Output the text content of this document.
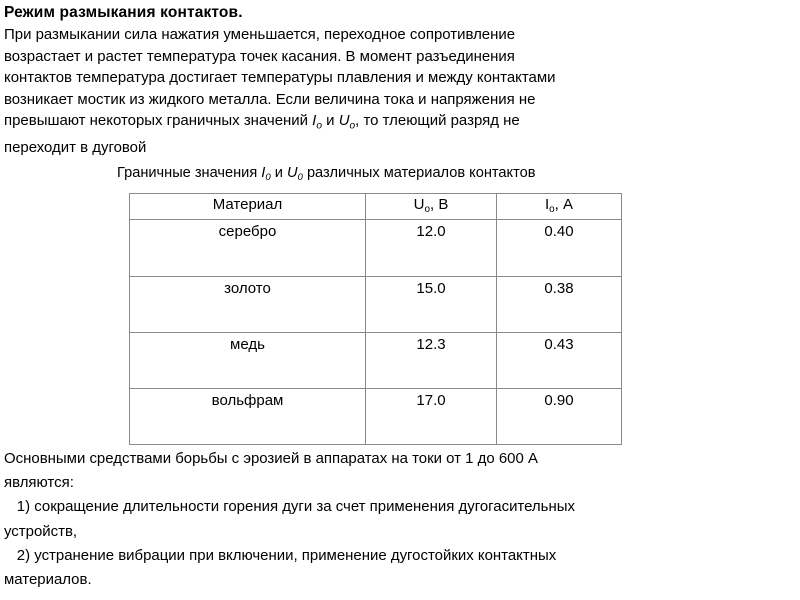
Режим размыкания контактов.
При размыкании сила нажатия уменьшается, переходное сопротивление
возрастает и растет температура точек касания. В момент разъединения
контактов температура достигает температуры плавления и между контактами
возникает мостик из жидкого металла. Если величина тока и напряжения не
превышают некоторых граничных значений $I_o$ и $U_o$, то тлеющий разряд не
переходит в дуговой
Граничные значения $I_0$ и $U_0$ различных материалов контактов
Материал	$U_o$, В	$I_o$, А
серебро	12.0	0.40
золото	15.0	0.38
медь	12.3	0.43
вольфрам	17.0	0.90
Основными средствами борьбы с эрозией в аппаратах на токи от 1 до 600 А
являются:
1) сокращение длительности горения дуги за счет применения дугогасительных
устройств,
2) устранение вибрации при включении, применение дугостойких контактных
материалов.
